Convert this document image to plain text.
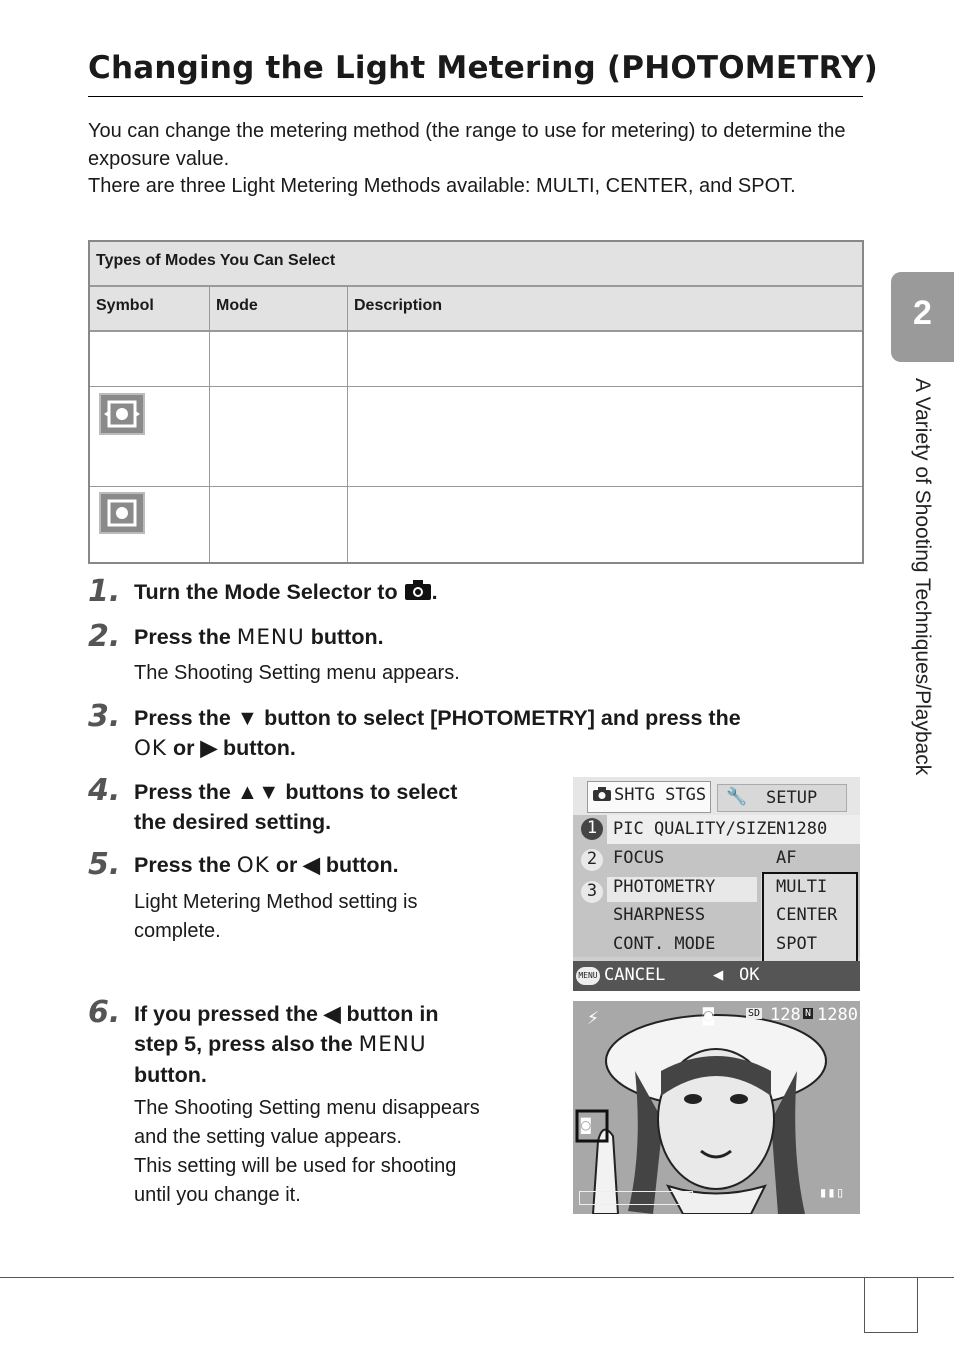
Changing the Light Metering (PHOTOMETRY)

You can change the metering method (the range to use for metering) to determine the exposure value.

There are three Light Metering Methods available: MULTI, CENTER, and SPOT.

Types of Modes You Can Select
Symbol	Mode	Description
1. Turn the Mode Selector to .
2. Press the MENU button.
The Shooting Setting menu appears.
3. Press the ▼ button to select [PHOTOMETRY] and press the
OK or ▶ button.
4. Press the ▲▼ buttons to select
the desired setting.
5. Press the OK or ◀ button.
Light Metering Method setting is
complete.
6. If you pressed the ◀ button in
step 5, press also the MENU
button.
The Shooting Setting menu disappears
and the setting value appears.
This setting will be used for shooting
until you change it.
2
A Variety of Shooting Techniques/Playback
SHTG STGS 🔧 SETUP
1
2
3
PIC QUALITY/SIZE N1280
FOCUS	AF
PHOTOMETRY	MULTI
SHARPNESS	CENTER
CONT. MODE	SPOT
MENU CANCEL	◀ OK
⚡	◙	SD 128 N 1280
◙
▮▮▯
